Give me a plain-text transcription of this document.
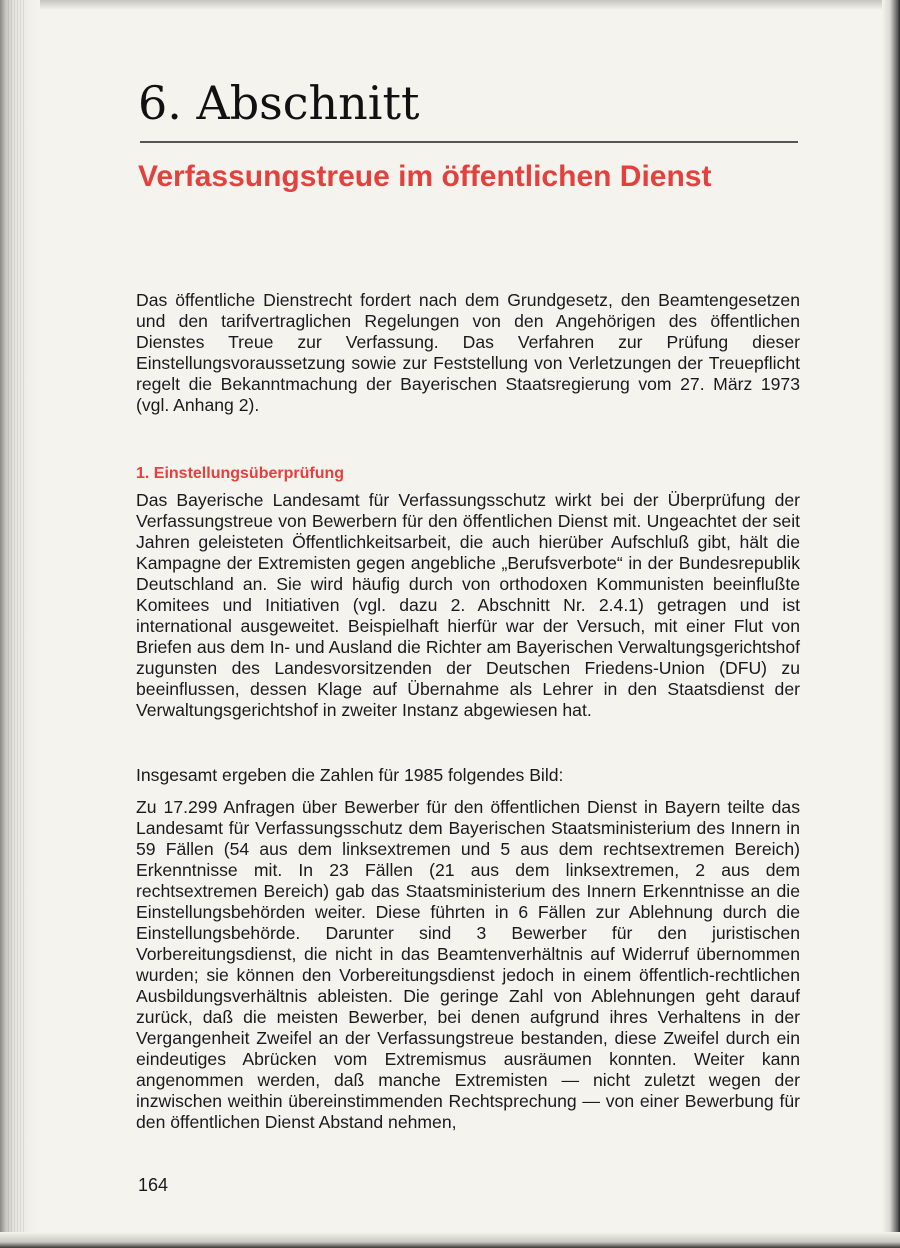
6. Abschnitt
Verfassungstreue im öffentlichen Dienst

Das öffentliche Dienstrecht fordert nach dem Grundgesetz, den Beamtengesetzen und den tarifvertraglichen Regelungen von den Angehörigen des öffentlichen Dienstes Treue zur Verfassung. Das Verfahren zur Prüfung dieser Einstellungsvoraussetzung sowie zur Feststellung von Verletzungen der Treuepflicht regelt die Bekanntmachung der Bayerischen Staatsregierung vom 27. März 1973 (vgl. Anhang 2).

1. Einstellungsüberprüfung

Das Bayerische Landesamt für Verfassungsschutz wirkt bei der Überprüfung der Verfassungstreue von Bewerbern für den öffentlichen Dienst mit. Ungeachtet der seit Jahren geleisteten Öffentlichkeitsarbeit, die auch hierüber Aufschluß gibt, hält die Kampagne der Extremisten gegen angebliche „Berufsverbote“ in der Bundesrepublik Deutschland an. Sie wird häufig durch von orthodoxen Kommunisten beeinflußte Komitees und Initiativen (vgl. dazu 2. Abschnitt Nr. 2.4.1) getragen und ist international ausgeweitet. Beispielhaft hierfür war der Versuch, mit einer Flut von Briefen aus dem In- und Ausland die Richter am Bayerischen Verwaltungsgerichtshof zugunsten des Landesvorsitzenden der Deutschen Friedens-Union (DFU) zu beeinflussen, dessen Klage auf Übernahme als Lehrer in den Staatsdienst der Verwaltungsgerichtshof in zweiter Instanz abgewiesen hat.

Insgesamt ergeben die Zahlen für 1985 folgendes Bild:

Zu 17.299 Anfragen über Bewerber für den öffentlichen Dienst in Bayern teilte das Landesamt für Verfassungsschutz dem Bayerischen Staatsministerium des Innern in 59 Fällen (54 aus dem linksextremen und 5 aus dem rechtsextremen Bereich) Erkenntnisse mit. In 23 Fällen (21 aus dem linksextremen, 2 aus dem rechtsextremen Bereich) gab das Staatsministerium des Innern Erkenntnisse an die Einstellungsbehörden weiter. Diese führten in 6 Fällen zur Ablehnung durch die Einstellungsbehörde. Darunter sind 3 Bewerber für den juristischen Vorbereitungsdienst, die nicht in das Beamtenverhältnis auf Widerruf übernommen wurden; sie können den Vorbereitungsdienst jedoch in einem öffentlich-rechtlichen Ausbildungsverhältnis ableisten. Die geringe Zahl von Ablehnungen geht darauf zurück, daß die meisten Bewerber, bei denen aufgrund ihres Verhaltens in der Vergangenheit Zweifel an der Verfassungstreue bestanden, diese Zweifel durch ein eindeutiges Abrücken vom Extremismus ausräumen konnten. Weiter kann angenommen werden, daß manche Extremisten — nicht zuletzt wegen der inzwischen weithin übereinstimmenden Rechtsprechung — von einer Bewerbung für den öffentlichen Dienst Abstand nehmen,

164
